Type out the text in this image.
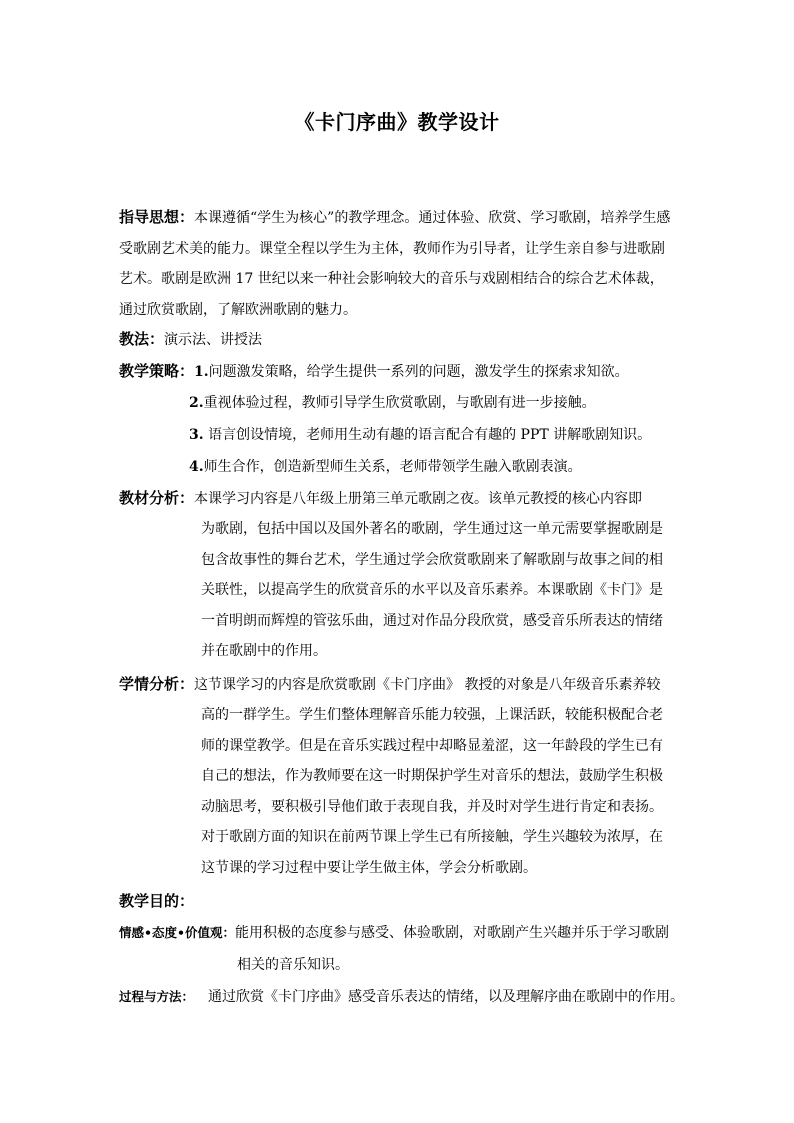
《卡门序曲》教学设计
指导思想：本课遵循“学生为核心”的教学理念。通过体验、欣赏、学习歌剧，培养学生感受歌剧艺术美的能力。课堂全程以学生为主体，教师作为引导者，让学生亲自参与进歌剧艺术。歌剧是欧洲 17 世纪以来一种社会影响较大的音乐与戏剧相结合的综合艺术体裁，通过欣赏歌剧，了解欧洲歌剧的魅力。
教法：演示法、讲授法
教学策略：1.问题激发策略，给学生提供一系列的问题，激发学生的探索求知欲。
2.重视体验过程，教师引导学生欣赏歌剧，与歌剧有进一步接触。
3. 语言创设情境，老师用生动有趣的语言配合有趣的 PPT 讲解歌剧知识。
4.师生合作，创造新型师生关系，老师带领学生融入歌剧表演。
教材分析：本课学习内容是八年级上册第三单元歌剧之夜。该单元教授的核心内容即
为歌剧，包括中国以及国外著名的歌剧，学生通过这一单元需要掌握歌剧是包含故事性的舞台艺术，学生通过学会欣赏歌剧来了解歌剧与故事之间的相关联性，以提高学生的欣赏音乐的水平以及音乐素养。本课歌剧《卡门》是一首明朗而辉煌的管弦乐曲，通过对作品分段欣赏，感受音乐所表达的情绪并在歌剧中的作用。
学情分析：这节课学习的内容是欣赏歌剧《卡门序曲》 教授的对象是八年级音乐素养较
高的一群学生。学生们整体理解音乐能力较强，上课活跃，较能积极配合老师的课堂教学。但是在音乐实践过程中却略显羞涩，这一年龄段的学生已有自己的想法，作为教师要在这一时期保护学生对音乐的想法，鼓励学生积极动脑思考，要积极引导他们敢于表现自我，并及时对学生进行肯定和表扬。对于歌剧方面的知识在前两节课上学生已有所接触，学生兴趣较为浓厚，在这节课的学习过程中要让学生做主体，学会分析歌剧。
教学目的：
情感•态度•价值观：能用积极的态度参与感受、体验歌剧，对歌剧产生兴趣并乐于学习歌剧
相关的音乐知识。
过程与方法： 通过欣赏《卡门序曲》感受音乐表达的情绪，以及理解序曲在歌剧中的作用。
